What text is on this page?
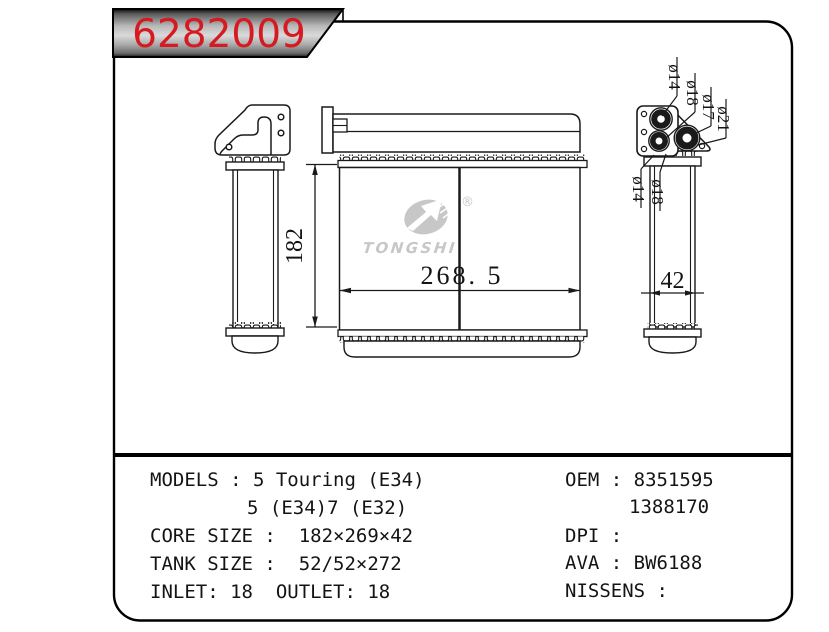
6282009
®
TONGSHI
182
268. 5	42
ø14
ø18
ø17
ø21
ø14 ø18
MODELS : 5 Touring (E34)
5 (E34)7 (E32)
CORE SIZE :  182×269×42
TANK SIZE :  52/52×272
INLET: 18  OUTLET: 18
OEM : 8351595
1388170
DPI :
AVA : BW6188
NISSENS :
